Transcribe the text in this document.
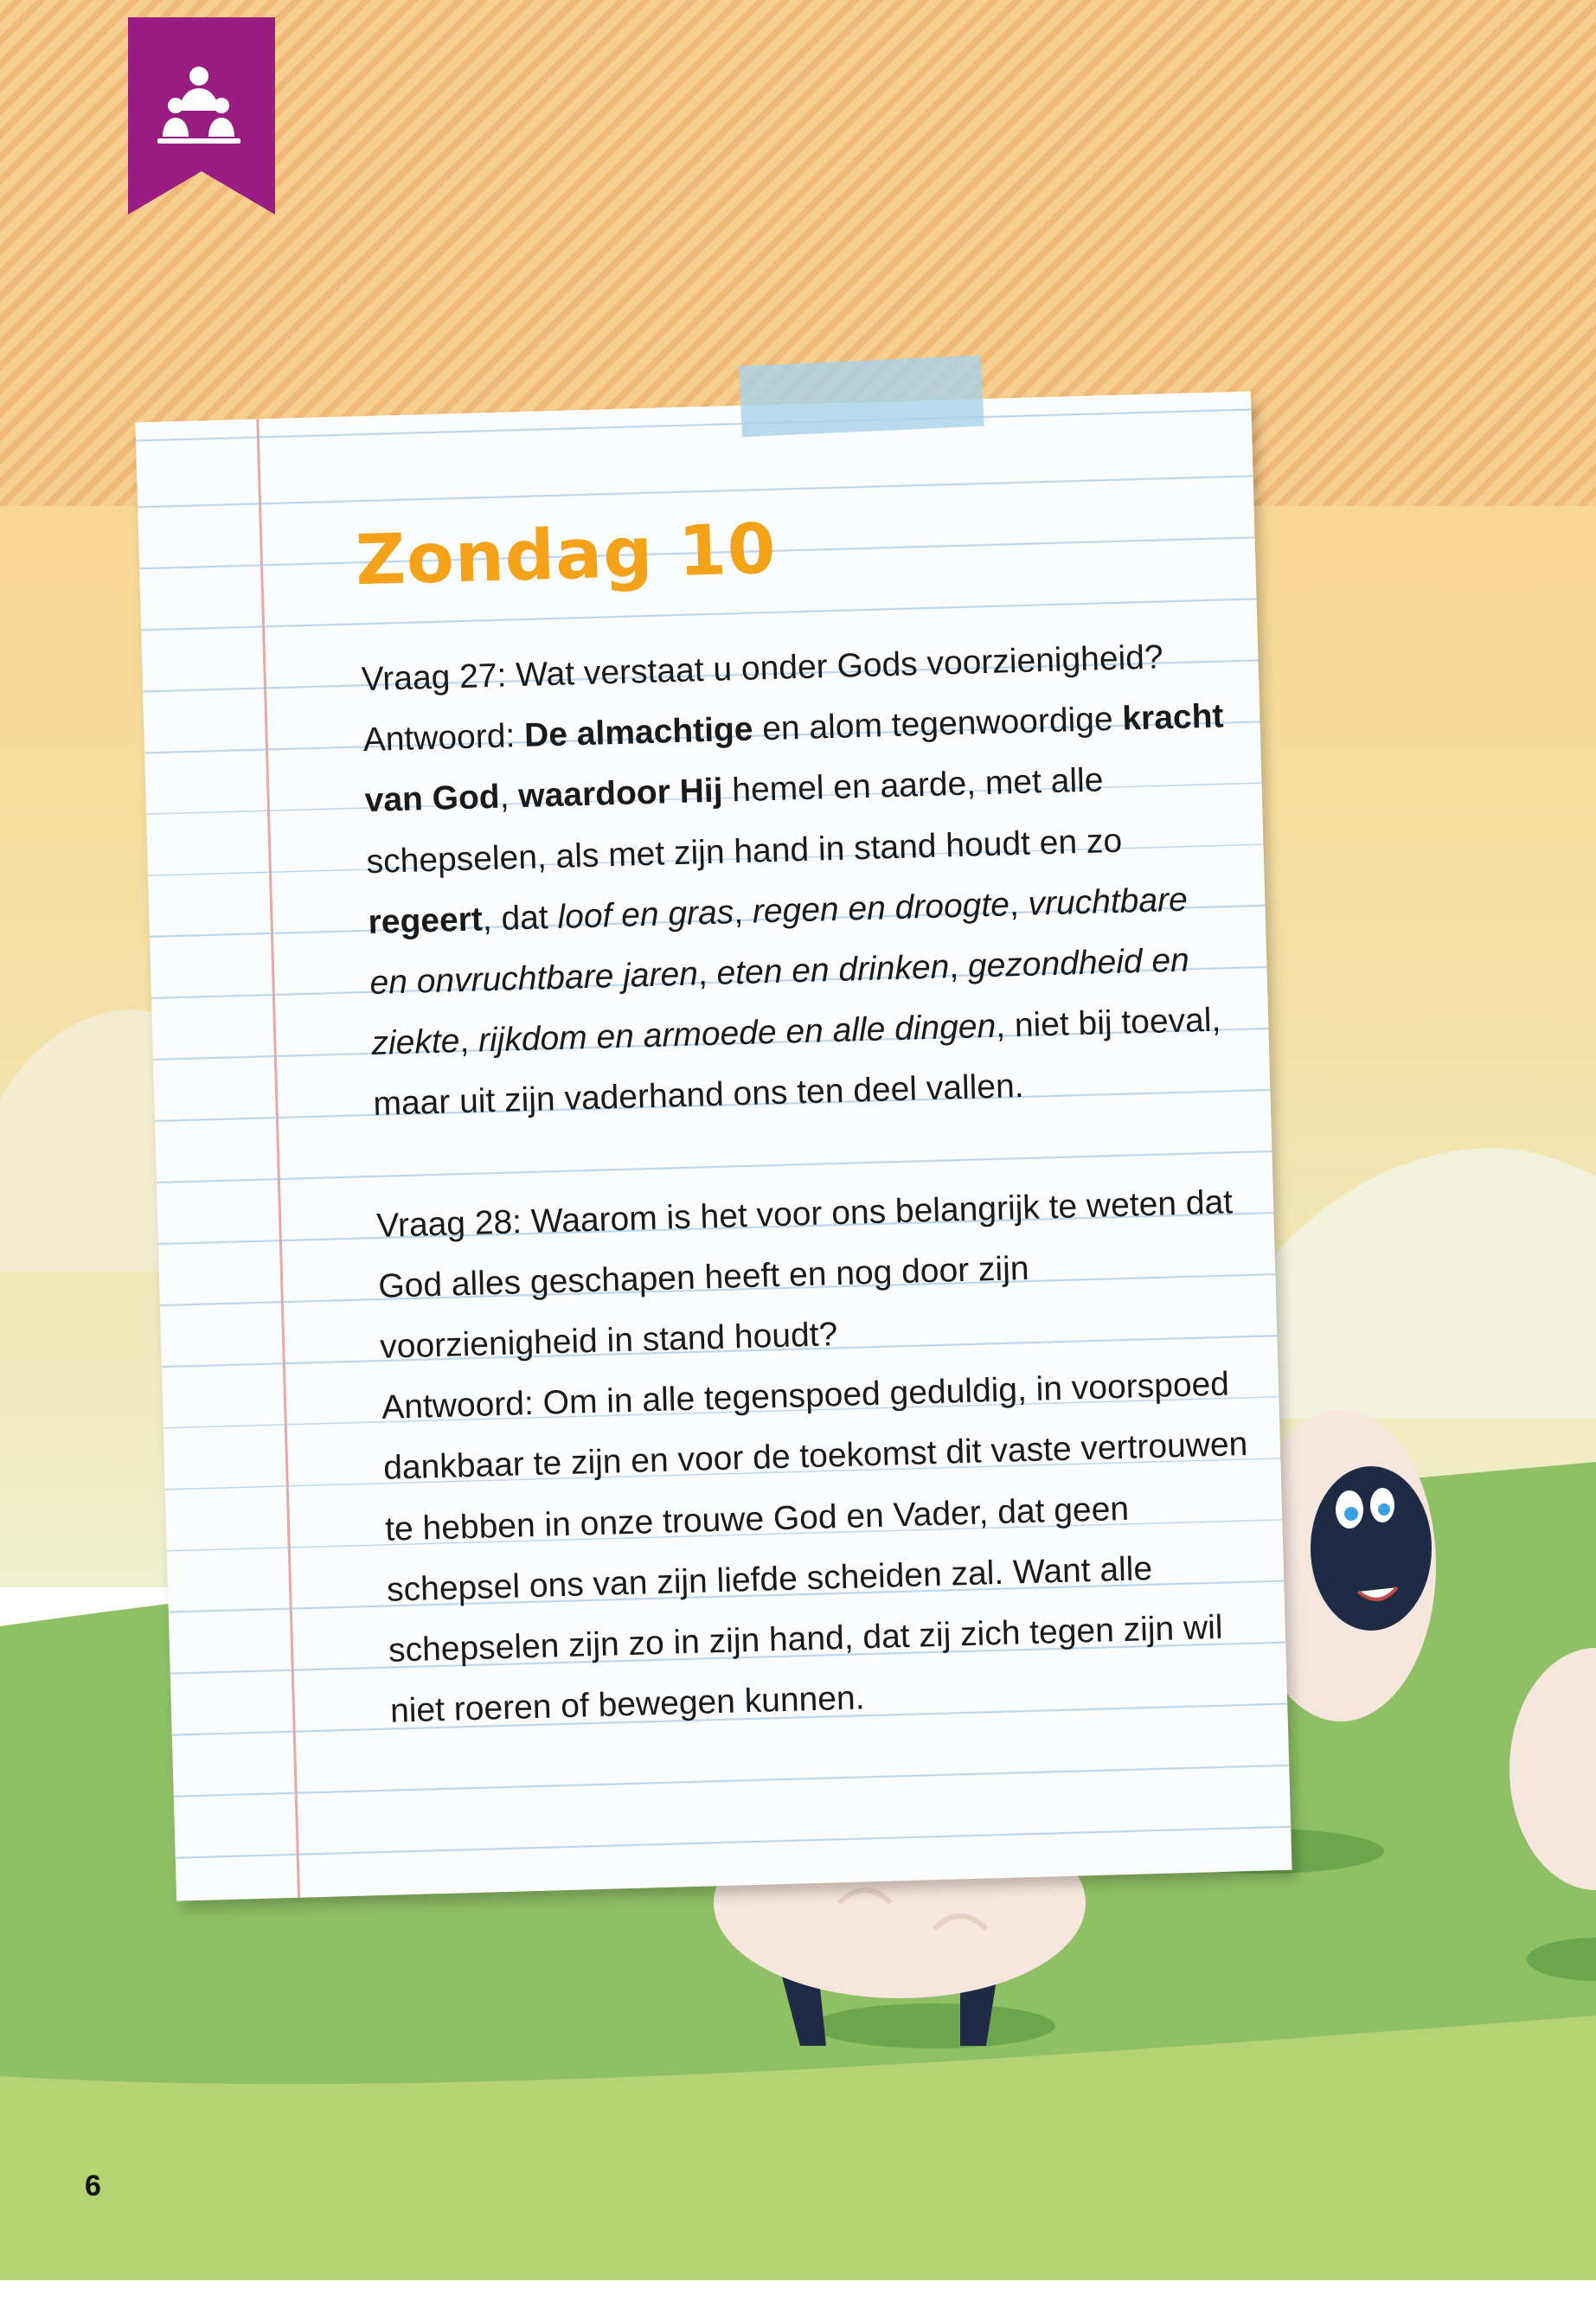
Zondag 10

Vraag 27: Wat verstaat u onder Gods voorzienigheid?
Antwoord: De almachtige en alom tegenwoordige kracht van God, waardoor Hij hemel en aarde, met alle schepselen, als met zijn hand in stand houdt en zo regeert, dat loof en gras, regen en droogte, vruchtbare en onvruchtbare jaren, eten en drinken, gezondheid en ziekte, rijkdom en armoede en alle dingen, niet bij toeval, maar uit zijn vaderhand ons ten deel vallen.

Vraag 28: Waarom is het voor ons belangrijk te weten dat God alles geschapen heeft en nog door zijn voorzienigheid in stand houdt?
Antwoord: Om in alle tegenspoed geduldig, in voorspoed dankbaar te zijn en voor de toekomst dit vaste vertrouwen te hebben in onze trouwe God en Vader, dat geen schepsel ons van zijn liefde scheiden zal. Want alle schepselen zijn zo in zijn hand, dat zij zich tegen zijn wil niet roeren of bewegen kunnen.

6
